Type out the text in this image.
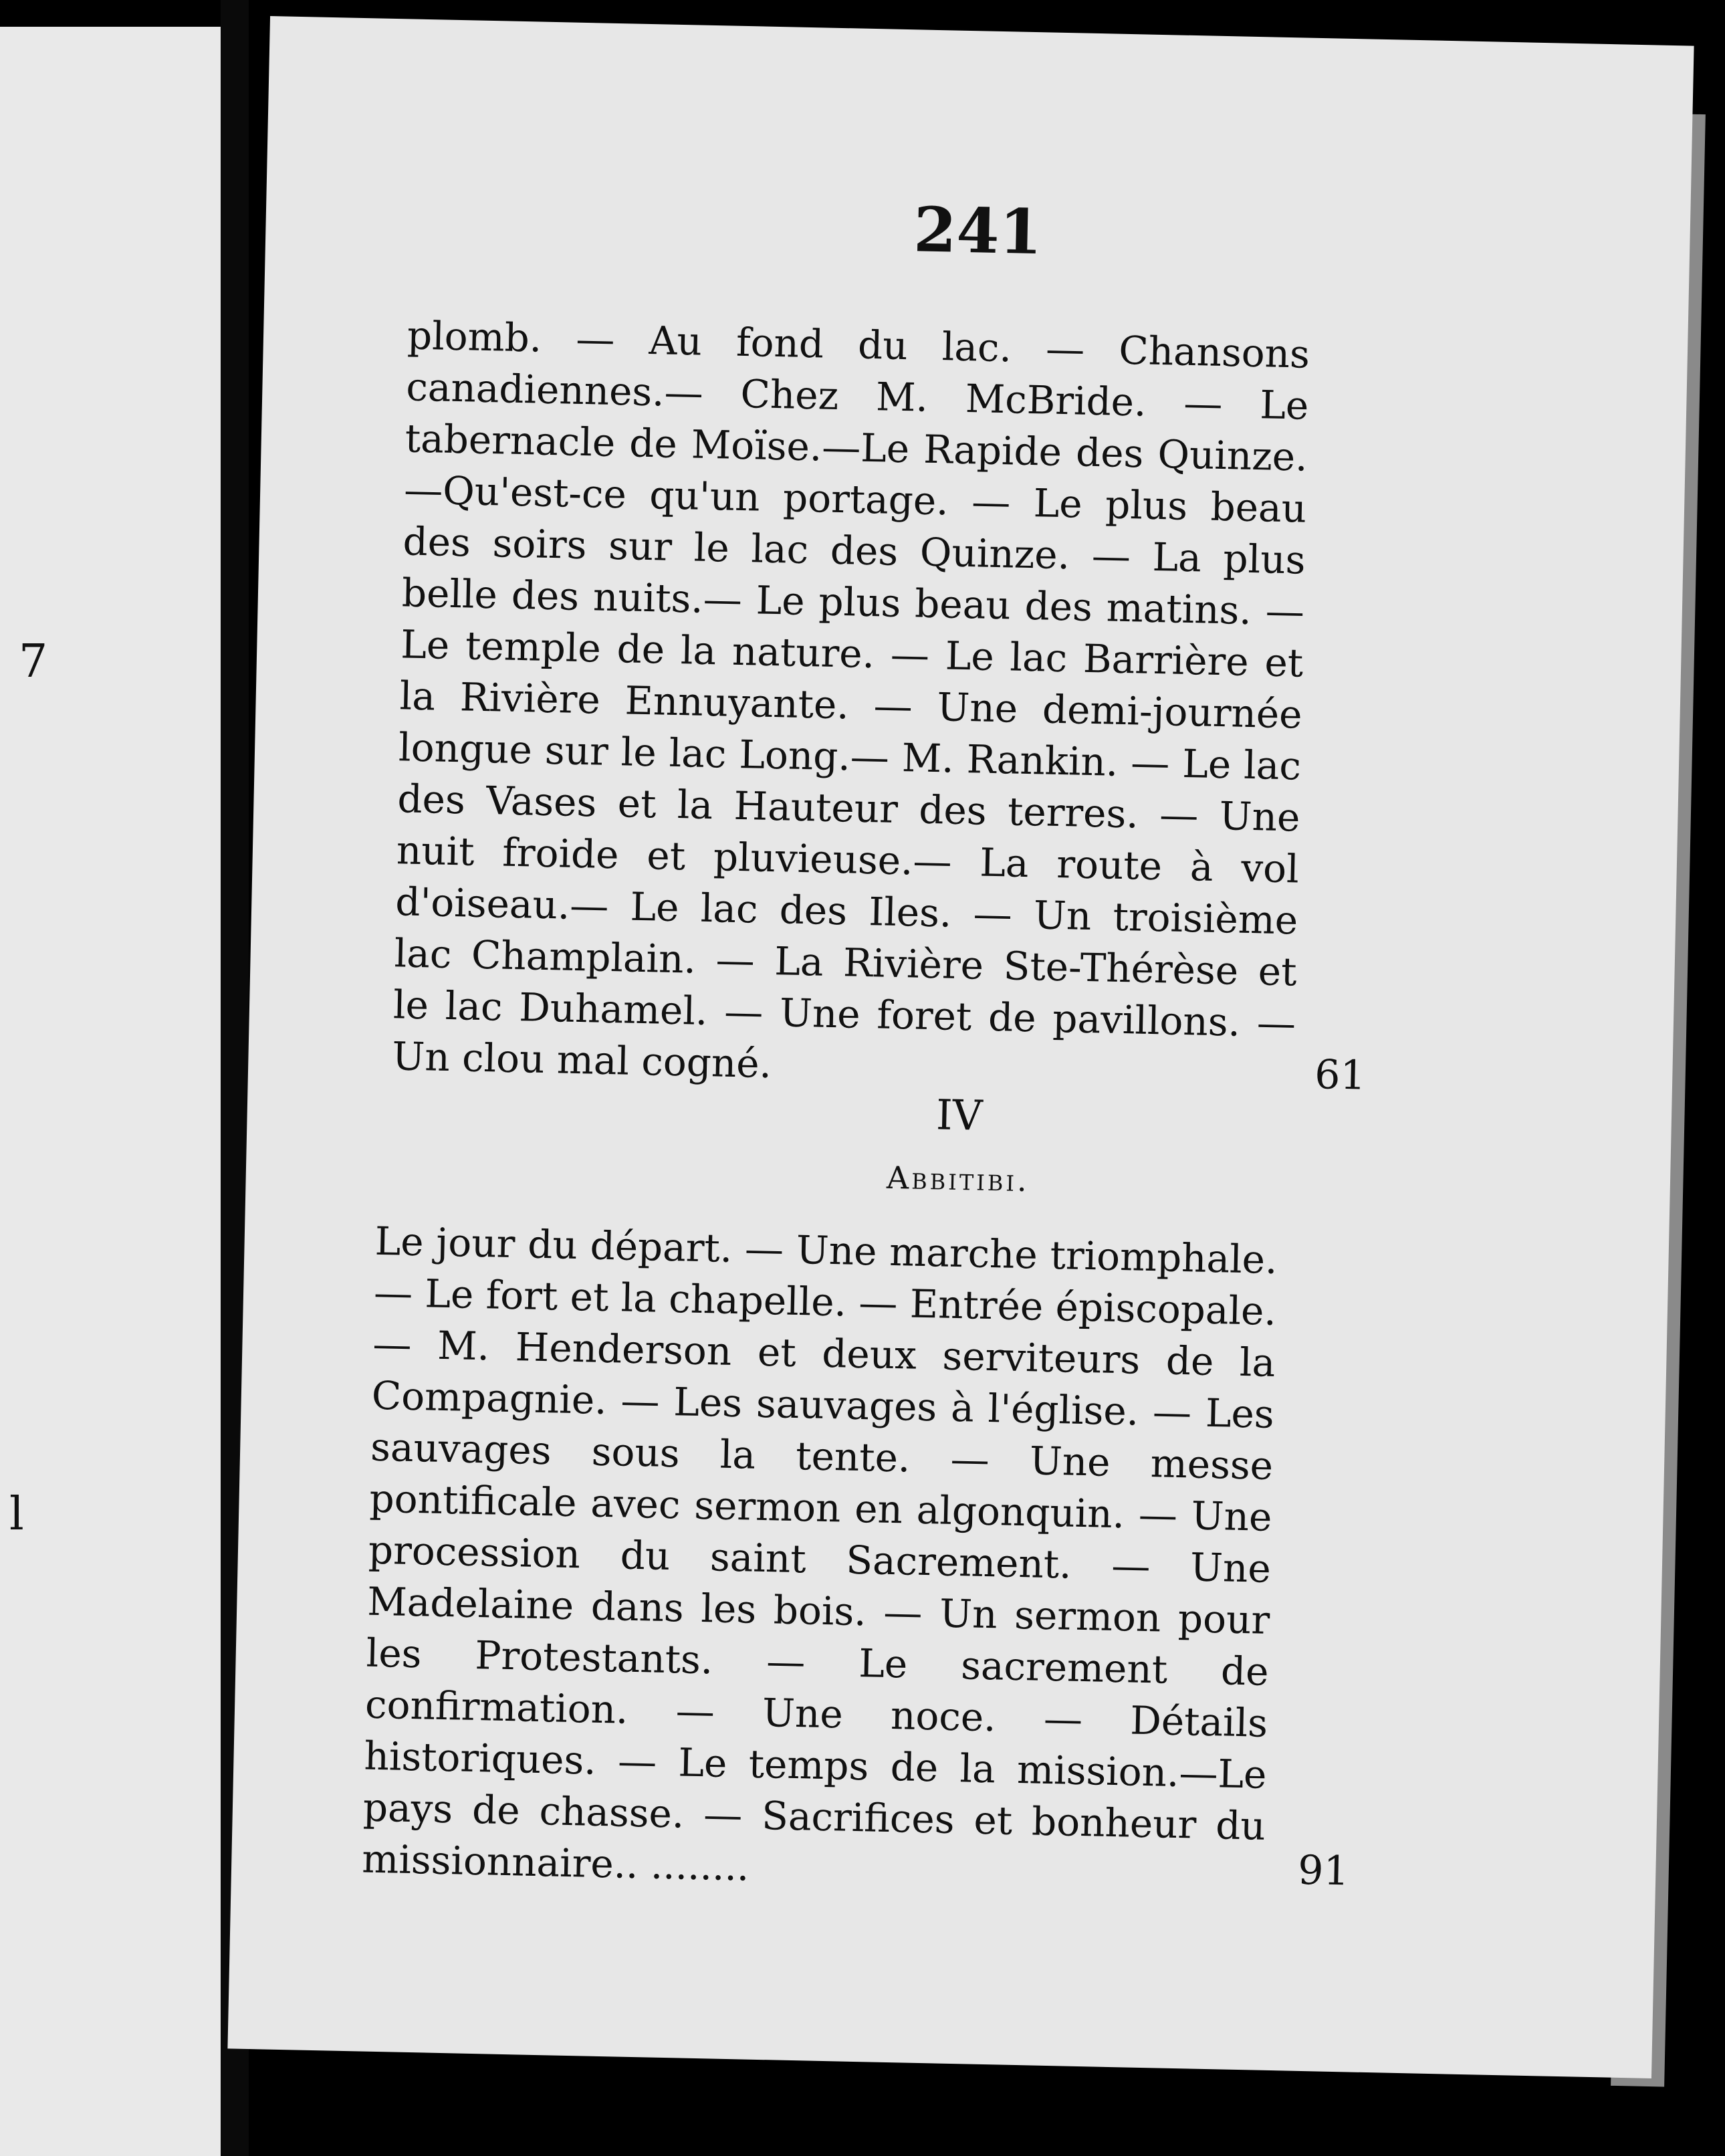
7
l
241
plomb. — Au fond du lac. — Chansons canadiennes.— Chez M. McBride. — Le tabernacle de Moïse.—Le Rapide des Quinze.—Qu'est-ce qu'un portage. — Le plus beau des soirs sur le lac des Quinze. — La plus belle des nuits.— Le plus beau des matins. — Le temple de la nature. — Le lac Barrière et la Rivière Ennuyante. — Une demi-journée longue sur le lac Long.— M. Rankin. — Le lac des Vases et la Hauteur des terres. — Une nuit froide et pluvieuse.— La route à vol d'oiseau.— Le lac des Iles. — Un troisième lac Champlain. — La Rivière Ste-Thérèse et le lac Duhamel. — Une foret de pavillons. — Un clou mal cogné.	61
IV
Abbitibi.
Le jour du départ. — Une marche triomphale.— Le fort et la chapelle. — Entrée épiscopale. — M. Henderson et deux serviteurs de la Compagnie. — Les sauvages à l'église. — Les sauvages sous la tente. — Une messe pontificale avec sermon en algonquin. — Une procession du saint Sacrement. — Une Madelaine dans les bois. — Un sermon pour les Protestants. — Le sacrement de confirmation. — Une noce. — Détails historiques. — Le temps de la mission.—Le pays de chasse. — Sacrifices et bonheur du missionnaire.. ........	91
